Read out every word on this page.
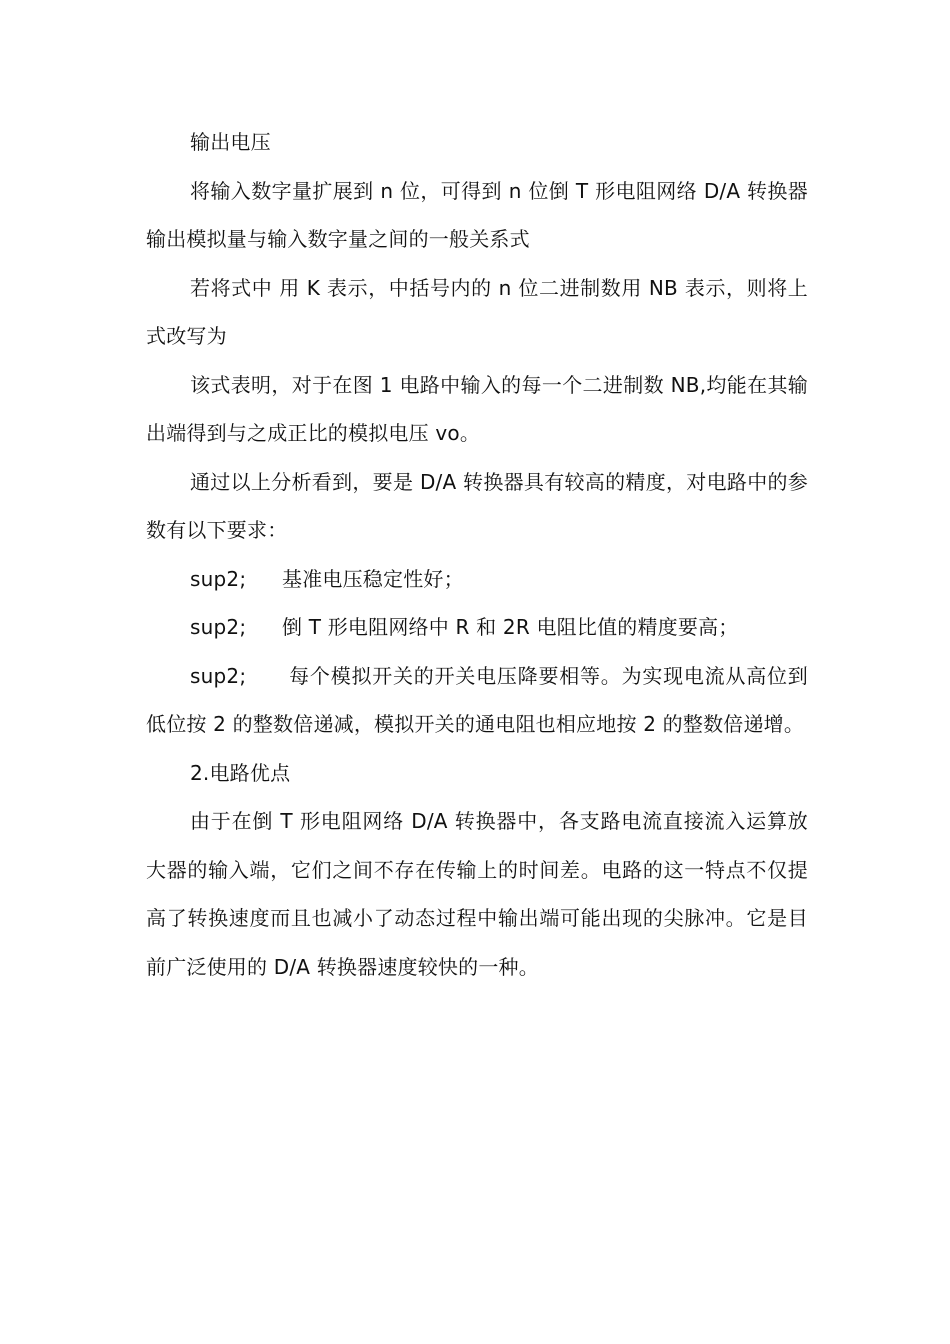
输出电压

将输入数字量扩展到 n 位，可得到 n 位倒 T 形电阻网络 D/A 转换器输出模拟量与输入数字量之间的一般关系式

若将式中 用 K 表示，中括号内的 n 位二进制数用 NB 表示，则将上式改写为

该式表明，对于在图 1 电路中输入的每一个二进制数 NB,均能在其输出端得到与之成正比的模拟电压 vo。

通过以上分析看到，要是 D/A 转换器具有较高的精度，对电路中的参数有以下要求：

sup2;	基准电压稳定性好；

sup2;	倒 T 形电阻网络中 R 和 2R 电阻比值的精度要高；

sup2; 每个模拟开关的开关电压降要相等。为实现电流从高位到低位按 2 的整数倍递减，模拟开关的通电阻也相应地按 2 的整数倍递增。

2.电路优点

由于在倒 T 形电阻网络 D/A 转换器中，各支路电流直接流入运算放大器的输入端，它们之间不存在传输上的时间差。电路的这一特点不仅提高了转换速度而且也减小了动态过程中输出端可能出现的尖脉冲。它是目前广泛使用的 D/A 转换器速度较快的一种。
